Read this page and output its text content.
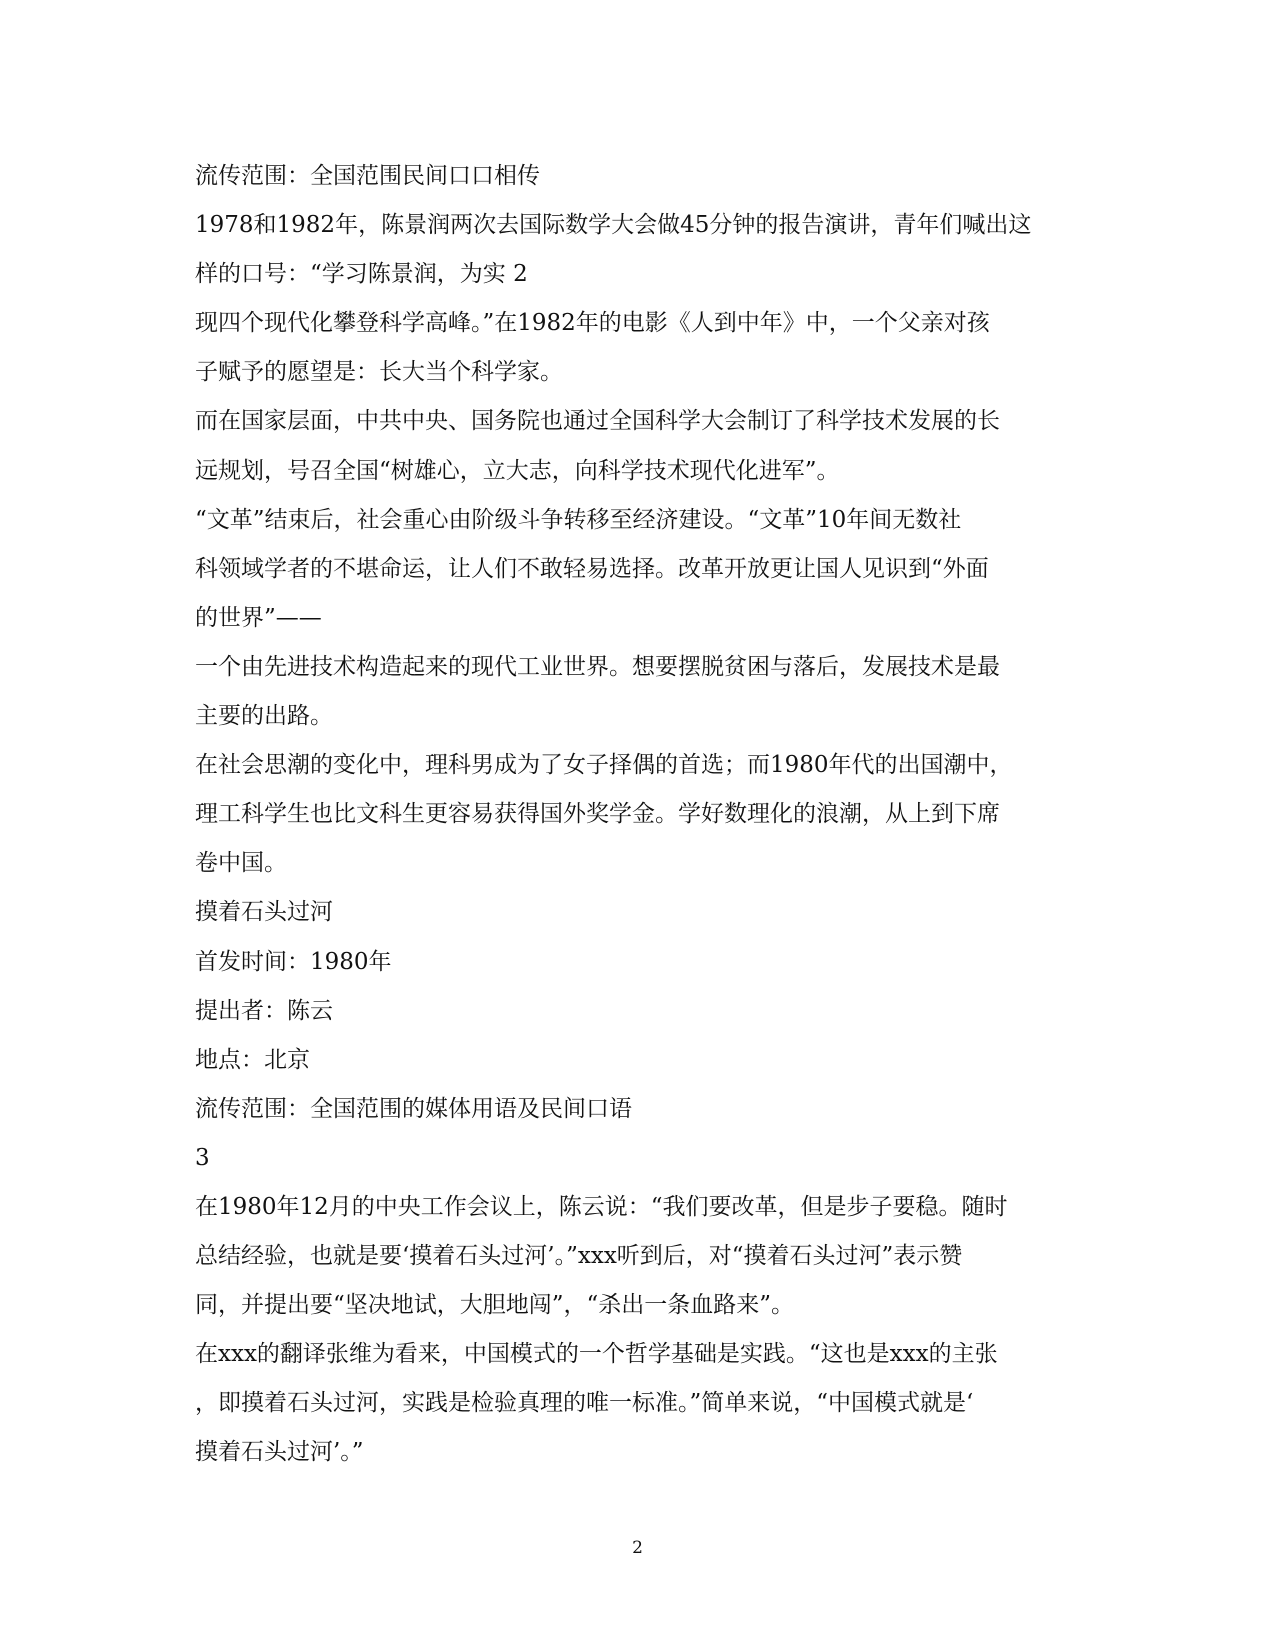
流传范围：全国范围民间口口相传
1978和1982年，陈景润两次去国际数学大会做45分钟的报告演讲，青年们喊出这
样的口号：“学习陈景润，为实 2
现四个现代化攀登科学高峰。”在1982年的电影《人到中年》中，一个父亲对孩
子赋予的愿望是：长大当个科学家。
而在国家层面，中共中央、国务院也通过全国科学大会制订了科学技术发展的长
远规划，号召全国“树雄心，立大志，向科学技术现代化进军”。
“文革”结束后，社会重心由阶级斗争转移至经济建设。“文革”10年间无数社
科领域学者的不堪命运，让人们不敢轻易选择。改革开放更让国人见识到“外面
的世界”——
一个由先进技术构造起来的现代工业世界。想要摆脱贫困与落后，发展技术是最
主要的出路。
在社会思潮的变化中，理科男成为了女子择偶的首选；而1980年代的出国潮中，
理工科学生也比文科生更容易获得国外奖学金。学好数理化的浪潮，从上到下席
卷中国。
摸着石头过河
首发时间：1980年
提出者：陈云
地点：北京
流传范围：全国范围的媒体用语及民间口语
3
在1980年12月的中央工作会议上，陈云说：“我们要改革，但是步子要稳。随时
总结经验，也就是要‘摸着石头过河’。”xxx听到后，对“摸着石头过河”表示赞
同，并提出要“坚决地试，大胆地闯”，“杀出一条血路来”。
在xxx的翻译张维为看来，中国模式的一个哲学基础是实践。“这也是xxx的主张
，即摸着石头过河，实践是检验真理的唯一标准。”简单来说，“中国模式就是‘
摸着石头过河’。”
2
